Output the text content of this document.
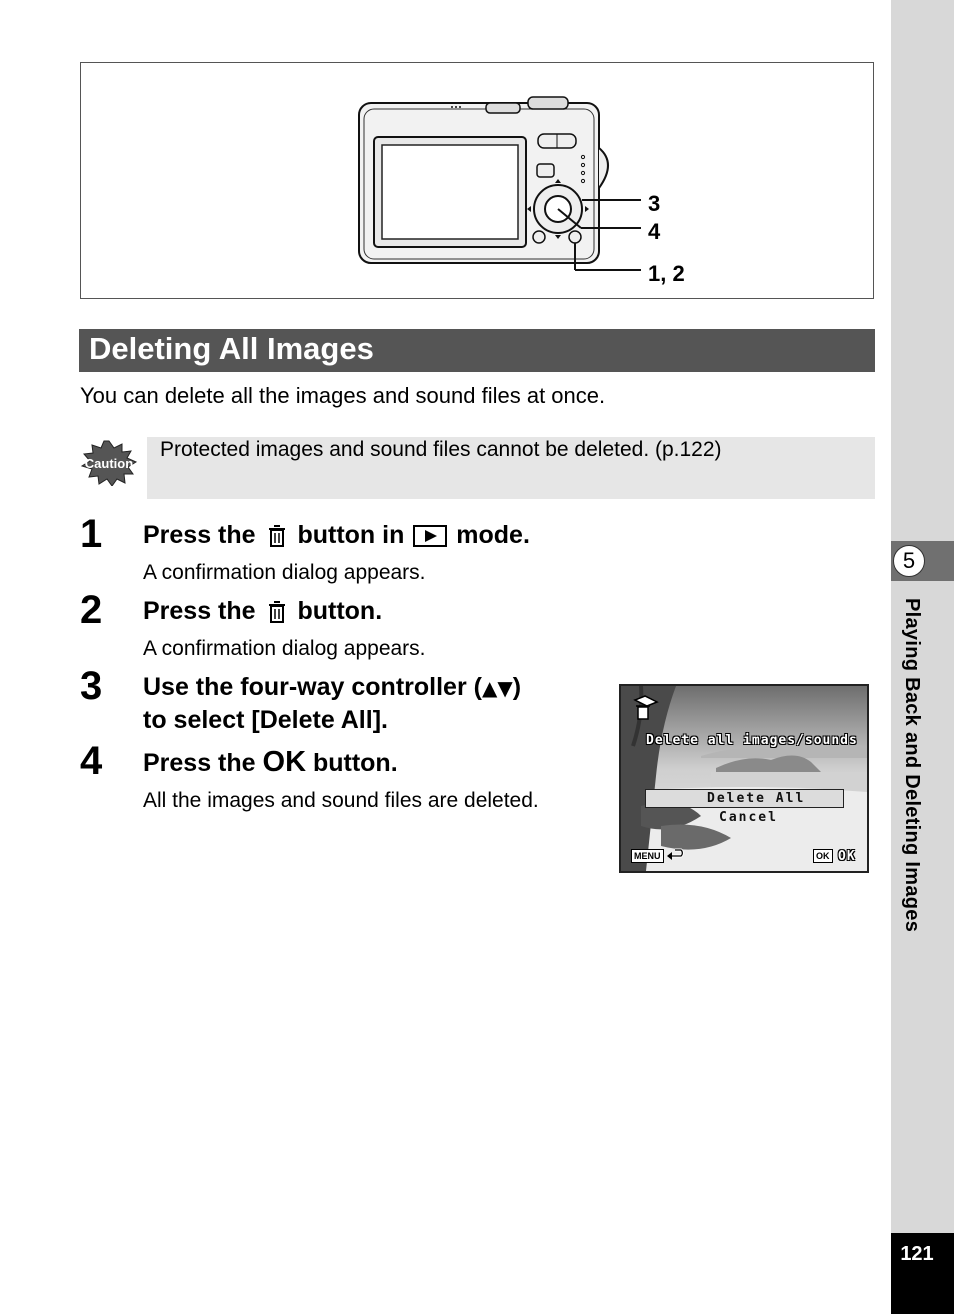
5
Playing Back and Deleting Images
121
3
4
1, 2
Deleting All Images
You can delete all the images and sound files at once.
Caution
Protected images and sound files cannot be deleted. (p.122)
1 Press the button in mode.
A confirmation dialog appears.
2 Press the button.
A confirmation dialog appears.
3 Use the four-way controller (▲▼)
to select [Delete All].
4 Press the OK button.
All the images and sound files are deleted.
Delete all images/sounds
Delete All
Cancel
MENU	OK OK
